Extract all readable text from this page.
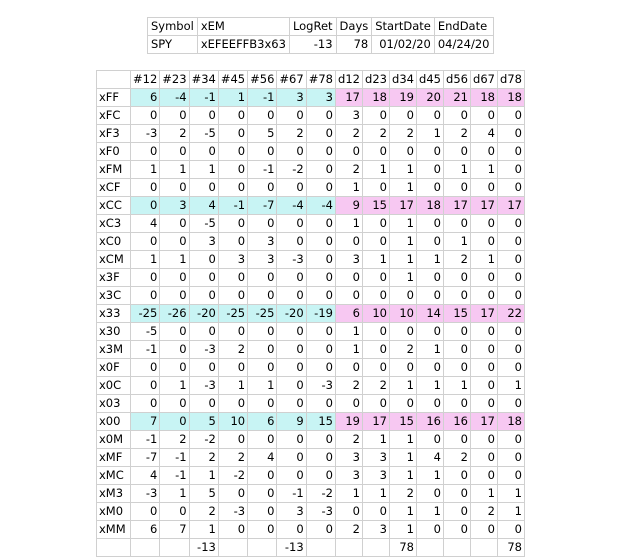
Symbol	xEM	LogRet	Days	StartDate	EndDate
SPY	xEFEEFFB3x63	-13	78	01/02/20	04/24/20
	#12	#23	#34	#45	#56	#67	#78	d12	d23	d34	d45	d56	d67	d78
xFF	6	-4	-1	1	-1	3	3	17	18	19	20	21	18	18
xFC	0	0	0	0	0	0	0	3	0	0	0	0	0	0
xF3	-3	2	-5	0	5	2	0	2	2	2	1	2	4	0
xF0	0	0	0	0	0	0	0	0	0	0	0	0	0	0
xFM	1	1	1	0	-1	-2	0	2	1	1	0	1	1	0
xCF	0	0	0	0	0	0	0	1	0	1	0	0	0	0
xCC	0	3	4	-1	-7	-4	-4	9	15	17	18	17	17	17
xC3	4	0	-5	0	0	0	0	1	0	1	0	0	0	0
xC0	0	0	3	0	3	0	0	0	0	1	0	1	0	0
xCM	1	1	0	3	3	-3	0	3	1	1	1	2	1	0
x3F	0	0	0	0	0	0	0	0	0	1	0	0	0	0
x3C	0	0	0	0	0	0	0	0	0	0	0	0	0	0
x33	-25	-26	-20	-25	-25	-20	-19	6	10	10	14	15	17	22
x30	-5	0	0	0	0	0	0	1	0	0	0	0	0	0
x3M	-1	0	-3	2	0	0	0	1	0	2	1	0	0	0
x0F	0	0	0	0	0	0	0	0	0	0	0	0	0	0
x0C	0	1	-3	1	1	0	-3	2	2	1	1	1	0	1
x03	0	0	0	0	0	0	0	0	0	0	0	0	0	0
x00	7	0	5	10	6	9	15	19	17	15	16	16	17	18
x0M	-1	2	-2	0	0	0	0	2	1	1	0	0	0	0
xMF	-7	-1	2	2	4	0	0	3	3	1	4	2	0	0
xMC	4	-1	1	-2	0	0	0	3	3	1	1	0	0	0
xM3	-3	1	5	0	0	-1	-2	1	1	2	0	0	1	1
xM0	0	0	2	-3	0	3	-3	0	0	1	1	0	2	1
xMM	6	7	1	0	0	0	0	2	3	1	0	0	0	0
			-13			-13				78				78
